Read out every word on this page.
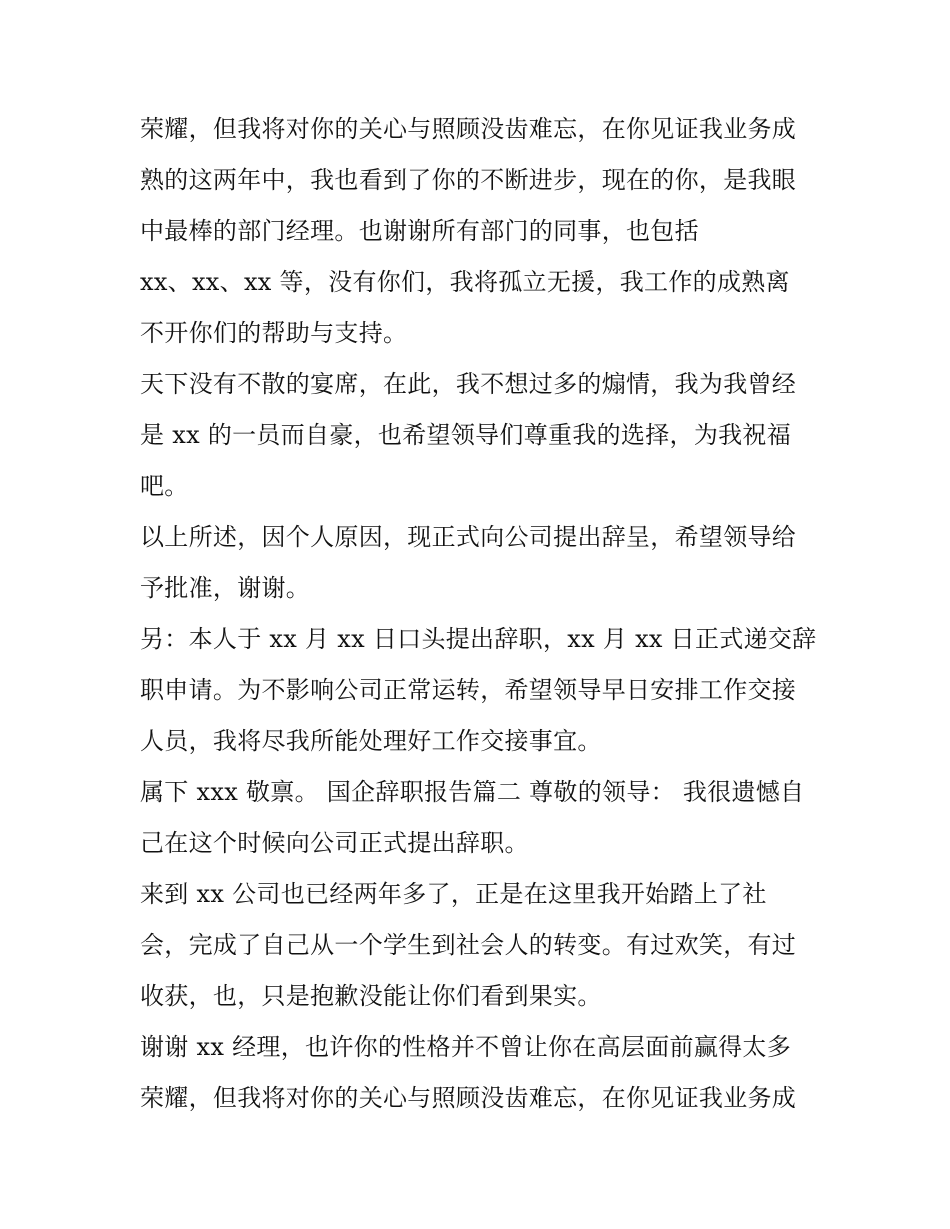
荣耀，但我将对你的关心与照顾没齿难忘，在你见证我业务成
熟的这两年中，我也看到了你的不断进步，现在的你，是我眼
中最棒的部门经理。也谢谢所有部门的同事，也包括
xx、xx、xx 等，没有你们，我将孤立无援，我工作的成熟离
不开你们的帮助与支持。
天下没有不散的宴席，在此，我不想过多的煽情，我为我曾经
是 xx 的一员而自豪，也希望领导们尊重我的选择，为我祝福
吧。
以上所述，因个人原因，现正式向公司提出辞呈，希望领导给
予批准，谢谢。
另：本人于 xx 月 xx 日口头提出辞职，xx 月 xx 日正式递交辞
职申请。为不影响公司正常运转，希望领导早日安排工作交接
人员，我将尽我所能处理好工作交接事宜。
属下 xxx 敬禀。 国企辞职报告篇二 尊敬的领导： 我很遗憾自
己在这个时候向公司正式提出辞职。
来到 xx 公司也已经两年多了，正是在这里我开始踏上了社
会，完成了自己从一个学生到社会人的转变。有过欢笑，有过
收获，也，只是抱歉没能让你们看到果实。
谢谢 xx 经理，也许你的性格并不曾让你在高层面前赢得太多
荣耀，但我将对你的关心与照顾没齿难忘，在你见证我业务成
